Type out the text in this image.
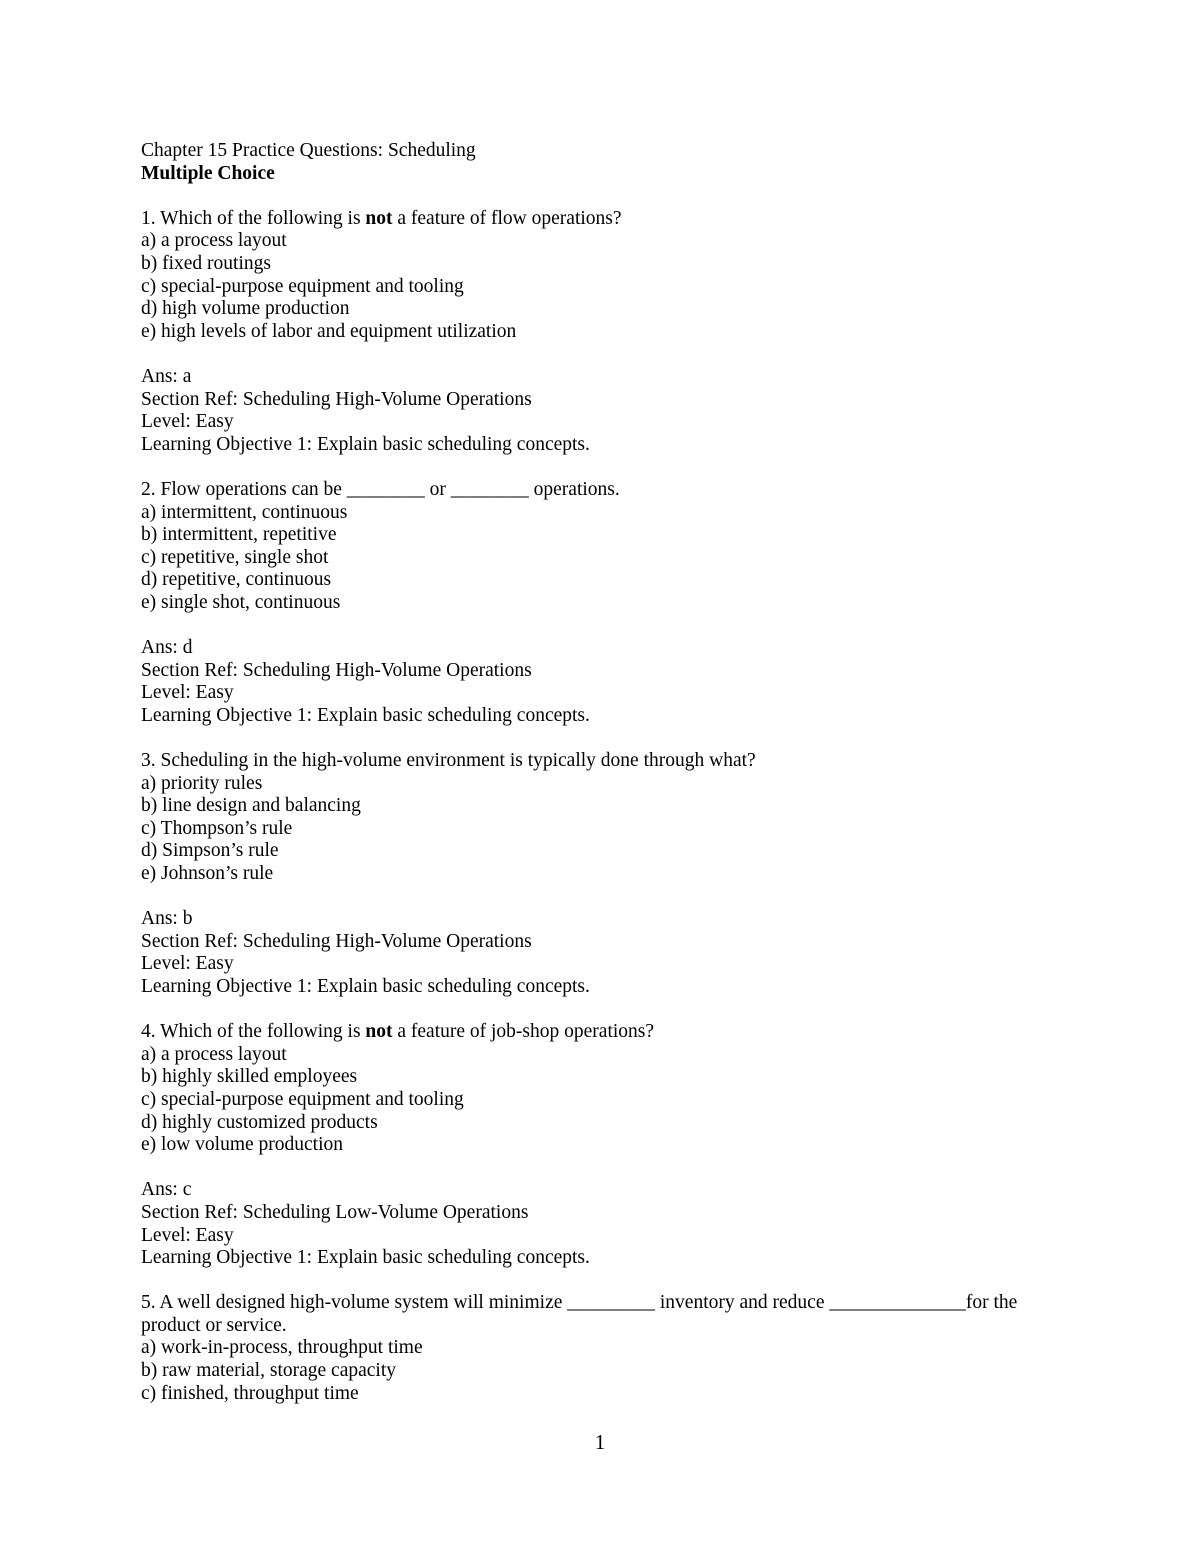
Chapter 15 Practice Questions: Scheduling
Multiple Choice
1. Which of the following is not a feature of flow operations?
a) a process layout
b) fixed routings
c) special-purpose equipment and tooling
d) high volume production
e) high levels of labor and equipment utilization
Ans: a
Section Ref: Scheduling High-Volume Operations
Level: Easy
Learning Objective 1: Explain basic scheduling concepts.
2. Flow operations can be ________ or ________ operations.
a) intermittent, continuous
b) intermittent, repetitive
c) repetitive, single shot
d) repetitive, continuous
e) single shot, continuous
Ans: d
Section Ref: Scheduling High-Volume Operations
Level: Easy
Learning Objective 1: Explain basic scheduling concepts.
3. Scheduling in the high-volume environment is typically done through what?
a) priority rules
b) line design and balancing
c) Thompson’s rule
d) Simpson’s rule
e) Johnson’s rule
Ans: b
Section Ref: Scheduling High-Volume Operations
Level: Easy
Learning Objective 1: Explain basic scheduling concepts.
4. Which of the following is not a feature of job-shop operations?
a) a process layout
b) highly skilled employees
c) special-purpose equipment and tooling
d) highly customized products
e) low volume production
Ans: c
Section Ref: Scheduling Low-Volume Operations
Level: Easy
Learning Objective 1: Explain basic scheduling concepts.
5. A well designed high-volume system will minimize _________ inventory and reduce ______________for the
product or service.
a) work-in-process, throughput time
b) raw material, storage capacity
c) finished, throughput time
1
